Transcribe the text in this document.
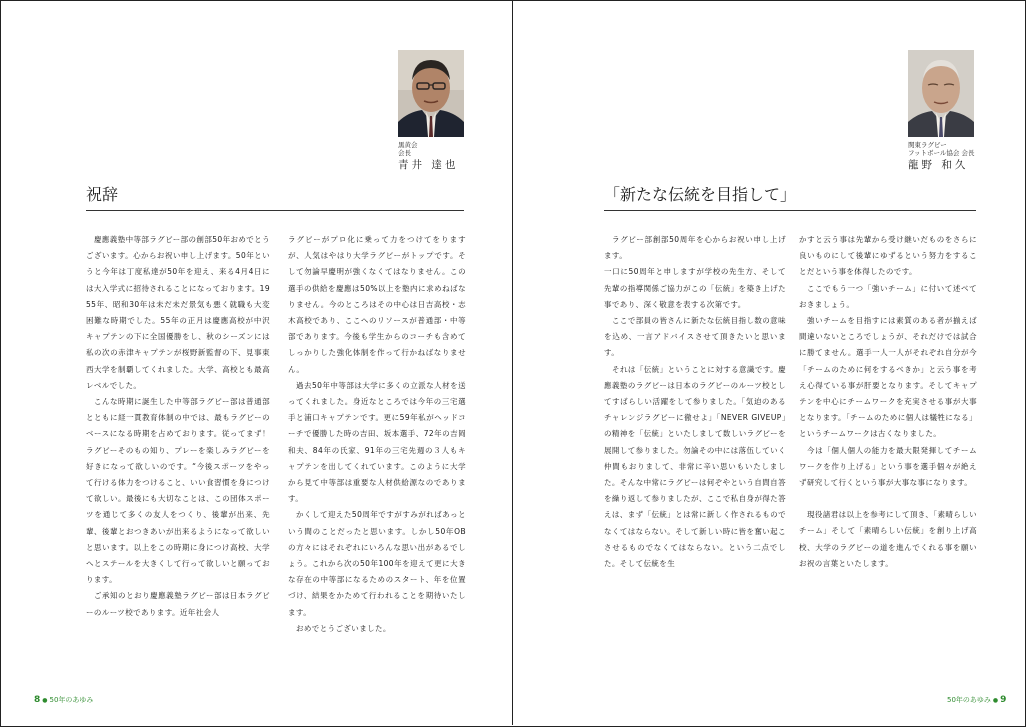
黒黄会
会長
青井 達也
祝辞

慶應義塾中等部ラグビー部の創部50年おめでとうございます。心からお祝い申し上げます。50年というと今年は丁度私達が50年を迎え、来る4月4日には大入学式に招待されることになっております。1955年、昭和30年は未だ未だ景気も悪く就職も大変困難な時期でした。55年の正月は慶應高校が中沢キャプテンの下に全国優勝をし、秋のシーズンには私の次の赤津キャプテンが桜野新監督の下、見事東西大学を制覇してくれました。大学、高校とも最高レベルでした。

こんな時期に誕生した中等部ラグビー部は普通部とともに経一貫教育体制の中では、最もラグビーのベースになる時期を占めております。従ってまず！ラグビーそのもの知り、プレーを楽しみラグビーを好きになって欲しいのです。“今後スポーツをやって行ける体力をつけること、いい食習慣を身につけて欲しい。最後にも大切なことは、この団体スポーツを通じて多くの友人をつくり、後輩が出来、先輩、後輩とおつきあいが出来るようになって欲しいと思います。以上をこの時期に身につけ高校、大学へとステールを大きくして行って欲しいと願っております。

ご承知のとおり慶應義塾ラグビー部は日本ラグビーのルーツ校であります。近年社会人

ラグビーがプロ化に乗って力をつけてをりますが、人気はやはり大学ラグビーがトップです。そして勿論早慶明が強くなくてはなりません。この選手の供給を慶應は50%以上を塾内に求めねばなりません。今のところはその中心は日吉高校・志木高校であり、ここへのリソースが普通部・中等部であります。今後も学生からのコーチも含めてしっかりした強化体制を作って行かねばなりません。

過去50年中等部は大学に多くの立派な人材を送ってくれました。身近なところでは今年の三宅選手と浦口キャプテンです。更に59年私がヘッドコーチで優勝した時の吉田、坂本選手、72年の吉岡和夫、84年の氏家、91年の三宅先週の３人もキャプテンを出してくれています。このように大学から見て中等部は重要な人材供給源なのであります。

かくして迎えた50周年ですがすみがればあっという間のことだったと思います。しかし50年OBの方々にはそれぞれにいろんな思い出があるでしょう。これから次の50年100年を迎えて更に大きな存在の中等部になるためのスタート、年を位置づけ、結果をかためて行われることを期待いたします。

おめでとうございました。

8 ● 50年のあゆみ
関東ラグビー
フットボール協会 会長
龍野 和久
「新たな伝統を目指して」

ラグビー部創部50周年を心からお祝い申し上げます。

一口に50周年と申しますが学校の先生方、そして先輩の指導関係ご協力がこの「伝統」を築き上げた事であり、深く敬意を表する次第です。

ここで部員の皆さんに新たな伝統目指し数の意味を込め、一言アドバイスさせて頂きたいと思います。

それは「伝統」ということに対する意識です。慶應義塾のラグビーは日本のラグビーのルーツ校としてすばらしい活躍をして参りました。「気迫のあるチャレンジラグビーに徹せよ」「NEVER GIVEUP」の精神を「伝統」といたしまして数しいラグビーを展開して参りました。勿論その中には落伍していく仲間もおりまして、非常に辛い思いもいたしました。そんな中常にラグビーは何ぞやという自問自答を繰り返して参りましたが、ここで私自身が得た答えは、まず「伝統」とは常に新しく作されるものでなくてはならない。そして新しい時に皆を奮い起こさせるものでなくてはならない。という二点でした。そして伝統を生

かすと云う事は先輩から受け継いだものをさらに良いものにして後輩にゆずるという努力をすることだという事を体得したのです。

ここでもう一つ「強いチーム」に付いて述べておきましょう。

強いチームを目指すには素質のある者が揃えば間違いないところでしょうが、それだけでは試合に勝てません。選手一人一人がそれぞれ自分が今「チームのために何をするべきか」と云う事を考え心得ている事が肝要となります。そしてキャプテンを中心にチームワークを充実させる事が大事となります。「チームのために個人は犠牲になる」というチームワークは古くなりました。

今は「個人個人の能力を最大限発揮してチームワークを作り上げる」という事を選手個々が絶えず研究して行くという事が大事な事になります。

現役諸君は以上を参考にして頂き、「素晴らしいチーム」そして「素晴らしい伝統」を創り上げ高校、大学のラグビーの道を進んでくれる事を願いお祝の言葉といたします。

50年のあゆみ ● 9
